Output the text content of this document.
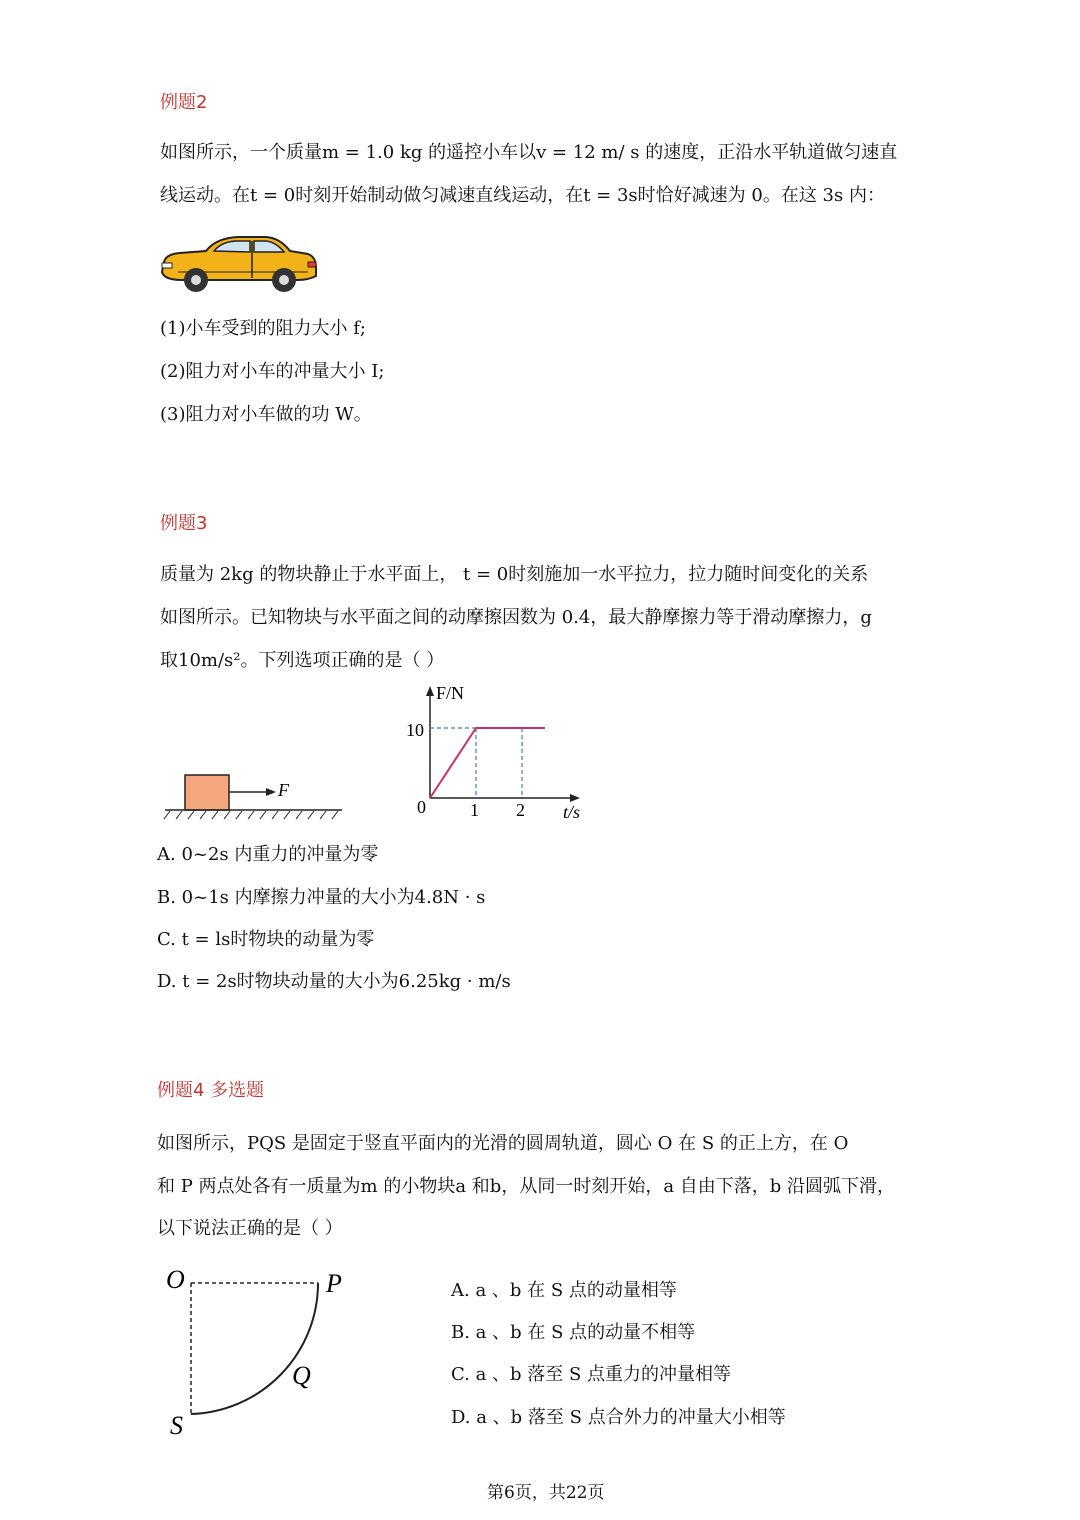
例题2
如图所示，一个质量m = 1.0 kg 的遥控小车以v = 12 m/ s 的速度，正沿水平轨道做匀速直
线运动。在t = 0时刻开始制动做匀减速直线运动，在t = 3s时恰好减速为 0。在这 3s 内：
(1)小车受到的阻力大小 f;
(2)阻力对小车的冲量大小 I;
(3)阻力对小车做的功 W。
例题3
质量为 2kg 的物块静止于水平面上， t = 0时刻施加一水平拉力，拉力随时间变化的关系
如图所示。已知物块与水平面之间的动摩擦因数为 0.4，最大静摩擦力等于滑动摩擦力，g
取10m/s²。下列选项正确的是（ ）
F
F/N
t/s
0
10
1 2
A. 0~2s 内重力的冲量为零
B. 0~1s 内摩擦力冲量的大小为4.8N · s
C. t = ls时物块的动量为零
D. t = 2s时物块动量的大小为6.25kg · m/s
例题4 多选题
如图所示，PQS 是固定于竖直平面内的光滑的圆周轨道，圆心 O 在 S 的正上方，在 O
和 P 两点处各有一质量为m 的小物块a 和b，从同一时刻开始，a 自由下落，b 沿圆弧下滑，
以下说法正确的是（ ）
O	P
Q
S
A. a 、b 在 S 点的动量相等
B. a 、b 在 S 点的动量不相等
C. a 、b 落至 S 点重力的冲量相等
D. a 、b 落至 S 点合外力的冲量大小相等
第6页，共22页
